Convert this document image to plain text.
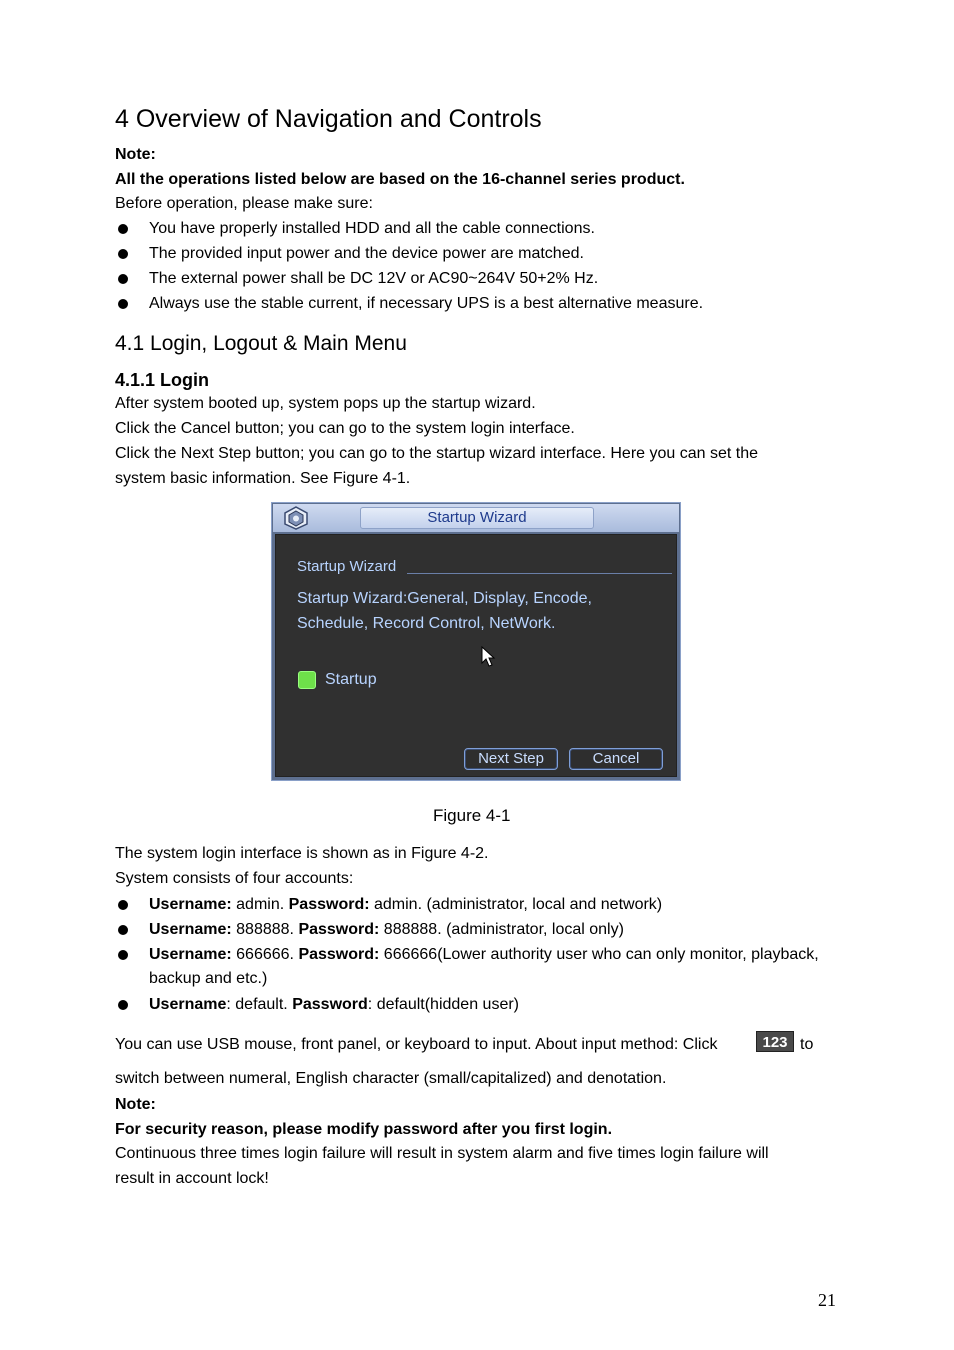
4 Overview of Navigation and Controls
Note:
All the operations listed below are based on the 16-channel series product.
Before operation, please make sure:
You have properly installed HDD and all the cable connections.
The provided input power and the device power are matched.
The external power shall be DC 12V or AC90~264V 50+2% Hz.
Always use the stable current, if necessary UPS is a best alternative measure.
4.1 Login, Logout & Main Menu
4.1.1 Login
After system booted up, system pops up the startup wizard.
Click the Cancel button; you can go to the system login interface.
Click the Next Step button; you can go to the startup wizard interface. Here you can set the
system basic information. See Figure 4-1.
Startup Wizard
Startup Wizard
Startup Wizard:General, Display, Encode,
Schedule, Record Control, NetWork.
Startup
Next Step	Cancel
Figure 4-1
The system login interface is shown as in Figure 4-2.
System consists of four accounts:
Username: admin. Password: admin. (administrator, local and network)
Username: 888888. Password: 888888. (administrator, local only)
Username: 666666. Password: 666666(Lower authority user who can only monitor, playback,
backup and etc.)
Username: default. Password: default(hidden user)
You can use USB mouse, front panel, or keyboard to input. About input method: Click	123 to
switch between numeral, English character (small/capitalized) and denotation.
Note:
For security reason, please modify password after you first login.
Continuous three times login failure will result in system alarm and five times login failure will
result in account lock!
21
